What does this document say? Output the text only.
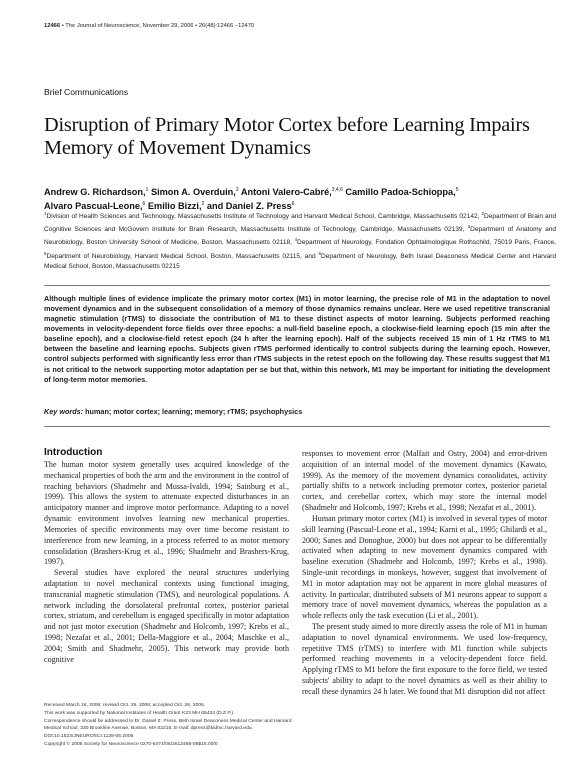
12466 • The Journal of Neuroscience, November 29, 2006 • 26(48):12466 –12470
Brief Communications
Disruption of Primary Motor Cortex before Learning Impairs
Memory of Movement Dynamics
Andrew G. Richardson,$^1$ Simon A. Overduin,$^2$ Antoni Valero-Cabré,$^{3,4,6}$ Camillo Padoa-Schioppa,$^5$
Alvaro Pascual-Leone,$^6$ Emilio Bizzi,$^2$ and Daniel Z. Press$^6$
$^1$Division of Health Sciences and Technology, Massachusetts Institute of Technology and Harvard Medical School, Cambridge, Massachusetts 02142, $^2$Department of Brain and Cognitive Sciences and McGovern Institute for Brain Research, Massachusetts Institute of Technology, Cambridge, Massachusetts 02139, $^3$Department of Anatomy and Neurobiology, Boston University School of Medicine, Boston, Massachusetts 02118, $^4$Department of Neurology, Fondation Ophtalmologique Rothschild, 75019 Paris, France, $^5$Department of Neurobiology, Harvard Medical School, Boston, Massachusetts 02115, and $^6$Department of Neurology, Beth Israel Deaconess Medical Center and Harvard Medical School, Boston, Massachusetts 02215
Although multiple lines of evidence implicate the primary motor cortex (M1) in motor learning, the precise role of M1 in the adaptation to novel movement dynamics and in the subsequent consolidation of a memory of those dynamics remains unclear. Here we used repetitive transcranial magnetic stimulation (rTMS) to dissociate the contribution of M1 to these distinct aspects of motor learning. Subjects performed reaching movements in velocity-dependent force fields over three epochs: a null-field baseline epoch, a clockwise-field learning epoch (15 min after the baseline epoch), and a clockwise-field retest epoch (24 h after the learning epoch). Half of the subjects received 15 min of 1 Hz rTMS to M1 between the baseline and learning epochs. Subjects given rTMS performed identically to control subjects during the learning epoch. However, control subjects performed with significantly less error than rTMS subjects in the retest epoch on the following day. These results suggest that M1 is not critical to the network supporting motor adaptation per se but that, within this network, M1 may be important for initiating the development of long-term motor memories.
Key words: human; motor cortex; learning; memory; rTMS; psychophysics
Introduction

The human motor system generally uses acquired knowledge of the mechanical properties of both the arm and the environment in the control of reaching behaviors (Shadmehr and Mussa-Ivaldi, 1994; Sainburg et al., 1999). This allows the system to attenuate expected disturbances in an anticipatory manner and improve motor performance. Adapting to a novel dynamic environment involves learning new mechanical properties. Memories of specific environments may over time become resistant to interference from new learning, in a process referred to as motor memory consolidation (Brashers-Krug et al., 1996; Shadmehr and Brashers-Krug, 1997).

Several studies have explored the neural structures underlying adaptation to novel mechanical contexts using functional imaging, transcranial magnetic stimulation (TMS), and neurological populations. A network including the dorsolateral prefrontal cortex, posterior parietal cortex, striatum, and cerebellum is engaged specifically in motor adaptation and not just motor execution (Shadmehr and Holcomb, 1997; Krebs et al., 1998; Nezafat et al., 2001; Della-Maggiore et al., 2004; Maschke et al., 2004; Smith and Shadmehr, 2005). This network may provide both cognitive

responses to movement error (Malfait and Ostry, 2004) and error-driven acquisition of an internal model of the movement dynamics (Kawato, 1999). As the memory of the movement dynamics consolidates, activity partially shifts to a network including premotor cortex, posterior parietal cortex, and cerebellar cortex, which may store the internal model (Shadmehr and Holcomb, 1997; Krebs et al., 1998; Nezafat et al., 2001).

Human primary motor cortex (M1) is involved in several types of motor skill learning (Pascual-Leone et al., 1994; Karni et al., 1995; Ghilardi et al., 2000; Sanes and Donoghue, 2000) but does not appear to be differentially activated when adapting to new movement dynamics compared with baseline execution (Shadmehr and Holcomb, 1997; Krebs et al., 1998). Single-unit recordings in monkeys, however, suggest that involvement of M1 in motor adaptation may not be apparent in more global measures of activity. In particular, distributed subsets of M1 neurons appear to support a memory trace of novel movement dynamics, whereas the population as a whole reflects only the task execution (Li et al., 2001).

The present study aimed to more directly assess the role of M1 in human adaptation to novel dynamical environments. We used low-frequency, repetitive TMS (rTMS) to interfere with M1 function while subjects performed reaching movements in a velocity-dependent force field. Applying rTMS to M1 before the first exposure to the force field, we tested subjects' ability to adapt to the novel dynamics as well as their ability to recall these dynamics 24 h later. We found that M1 disruption did not affect

Received March 16, 2006; revised Oct. 25, 2006; accepted Oct. 26, 2006.
This work was supported by National Institutes of Health Grant K23 MH 65434 (D.Z.P.).
Correspondence should be addressed to Dr. Daniel Z. Press, Beth Israel Deaconess Medical Center and Harvard
Medical School, 330 Brookline Avenue, Boston, MA 02215. E-mail: dpress@bidmc.harvard.edu.
DOI:10.1523/JNEUROSCI.1139-06.2006
Copyright © 2006 Society for Neuroscience 0270-6474/06/2612466-05$15.00/0
